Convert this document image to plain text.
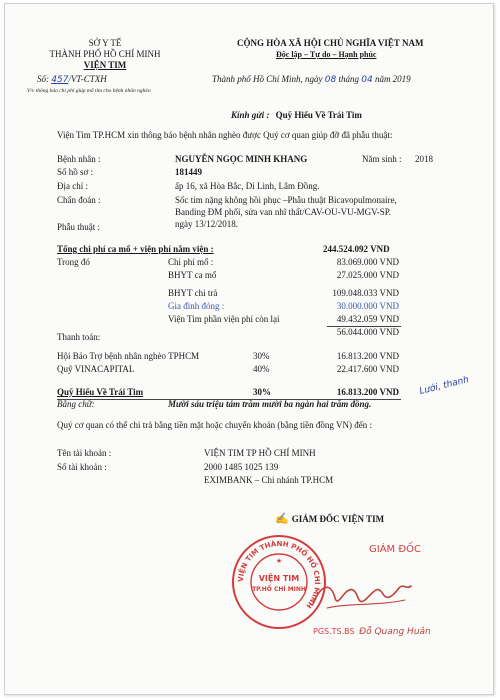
SỞ Y TẾ
THÀNH PHỐ HỒ CHÍ MINH
VIỆN TIM
Số: 457/VT-CTXH
V/v thông báo chi phí giúp mổ tim cho bệnh nhân nghèo
CỘNG HÒA XÃ HỘI CHỦ NGHĨA VIỆT NAM
Độc lập – Tự do – Hạnh phúc
Thành phố Hồ Chí Minh, ngày 08 tháng 04 năm 2019
Kính gửi : Quỹ Hiểu Về Trái Tim
Viện Tim TP.HCM xin thông báo bệnh nhân nghèo được Quý cơ quan giúp đỡ đã phẫu thuật:
Bệnh nhân :	NGUYỄN NGỌC MINH KHANG	Năm sinh : 2018
Số hồ sơ :	181449
Địa chỉ :	ấp 16, xã Hòa Bắc, Di Linh, Lâm Đồng.
Chẩn đoán :	Sốc tim nặng không hồi phục –Phẫu thuật Bicavopulmonaire,
Banding ĐM phổi, sửa van nhĩ thất/CAV-OU-VU-MGV-SP.
Phẫu thuật :	ngày 13/12/2018.
Tổng chi phí ca mổ + viện phí nằm viện :	244.524.092 VND
Trong đó	Chi phí mổ :	83.069.000 VND
BHYT ca mổ	27.025.000 VND
BHYT chi trả	109.048.033 VND
Gia đình đóng :	30.000.000 VND
Viện Tim phần viện phí còn lại	49.432.059 VND
Thanh toán:	56.044.000 VND
Hội Bảo Trợ bệnh nhân nghèo TPHCM	30%	16.813.200 VND
Quỹ VINACAPITAL	40%	22.417.600 VND
Quỹ Hiểu Về Trái Tim	30%	16.813.200 VND Lưới, thanh
Bằng chữ:	Mười sáu triệu tám trăm mười ba ngàn hai trăm đồng.
Quý cơ quan có thể chi trả bằng tiền mặt hoặc chuyển khoản (bằng tiền đồng VN) đến :
Tên tài khoản :	VIỆN TIM TP HỒ CHÍ MINH
Số tài khoản :	2000 1485 1025 139
EXIMBANK – Chi nhánh TP.HCM
✍ GIÁM ĐỐC VIỆN TIM
GIÁM ĐỐC
VIỆN TIM THÀNH PHỐ HỒ CHÍ MINH
VIỆN TIM
TP.HỒ CHÍ MINH
★
PGS.TS.BS Đỗ Quang Huân
